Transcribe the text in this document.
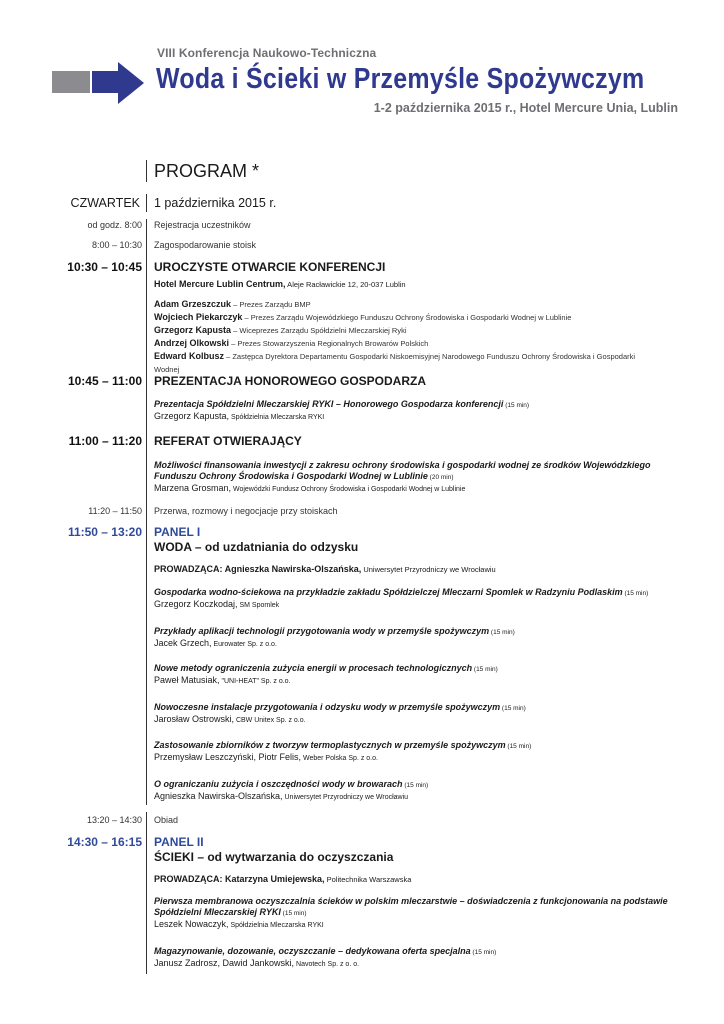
VIII Konferencja Naukowo-Techniczna
Woda i Ścieki w Przemyśle Spożywczym
1-2 października 2015 r., Hotel Mercure Unia, Lublin
PROGRAM *
CZWARTEK 1 października 2015 r.
od godz. 8:00 Rejestracja uczestników
8:00 – 10:30 Zagospodarowanie stoisk
10:30 – 10:45 UROCZYSTE OTWARCIE KONFERENCJI
Hotel Mercure Lublin Centrum, Aleje Racławickie 12, 20-037 Lublin
Adam Grzeszczuk – Prezes Zarządu BMP
Wojciech Piekarczyk – Prezes Zarządu Wojewódzkiego Funduszu Ochrony Środowiska i Gospodarki Wodnej w Lublinie
Grzegorz Kapusta – Wiceprezes Zarządu Spółdzielni Mleczarskiej Ryki
Andrzej Olkowski – Prezes Stowarzyszenia Regionalnych Browarów Polskich
Edward Kolbusz – Zastępca Dyrektora Departamentu Gospodarki Niskoemisyjnej Narodowego Funduszu Ochrony Środowiska i Gospodarki Wodnej
10:45 – 11:00 PREZENTACJA HONOROWEGO GOSPODARZA
Prezentacja Spółdzielni Mleczarskiej RYKI – Honorowego Gospodarza konferencji (15 min)
Grzegorz Kapusta, Spółdzielnia Mleczarska RYKI
11:00 – 11:20 REFERAT OTWIERAJĄCY
Możliwości finansowania inwestycji z zakresu ochrony środowiska i gospodarki wodnej ze środków Wojewódzkiego Funduszu Ochrony Środowiska i Gospodarki Wodnej w Lublinie (20 min)
Marzena Grosman, Wojewódzki Fundusz Ochrony Środowiska i Gospodarki Wodnej w Lublinie
11:20 – 11:50 Przerwa, rozmowy i negocjacje przy stoiskach
11:50 – 13:20 PANEL I
WODA – od uzdatniania do odzysku
PROWADZĄCA: Agnieszka Nawirska-Olszańska, Uniwersytet Przyrodniczy we Wrocławiu
Gospodarka wodno-ściekowa na przykładzie zakładu Spółdzielczej Mleczarni Spomlek w Radzyniu Podlaskim (15 min)
Grzegorz Koczkodaj, SM Spomlek
Przykłady aplikacji technologii przygotowania wody w przemyśle spożywczym (15 min)
Jacek Grzech, Eurowater Sp. z o.o.
Nowe metody ograniczenia zużycia energii w procesach technologicznych (15 min)
Paweł Matusiak, "UNI-HEAT" Sp. z o.o.
Nowoczesne instalacje przygotowania i odzysku wody w przemyśle spożywczym (15 min)
Jarosław Ostrowski, CBW Unitex Sp. z o.o.
Zastosowanie zbiorników z tworzyw termoplastycznych w przemyśle spożywczym (15 min)
Przemysław Leszczyński, Piotr Felis, Weber Polska Sp. z o.o.
O ograniczaniu zużycia i oszczędności wody w browarach (15 min)
Agnieszka Nawirska-Olszańska, Uniwersytet Przyrodniczy we Wrocławiu
13:20 – 14:30 Obiad
14:30 – 16:15 PANEL II
ŚCIEKI – od wytwarzania do oczyszczania
PROWADZĄCA: Katarzyna Umiejewska, Politechnika Warszawska
Pierwsza membranowa oczyszczalnia ścieków w polskim mleczarstwie – doświadczenia z funkcjonowania na podstawie Spółdzielni Mleczarskiej RYKI (15 min)
Leszek Nowaczyk, Spółdzielnia Mleczarska RYKI
Magazynowanie, dozowanie, oczyszczanie – dedykowana oferta specjalna (15 min)
Janusz Zadrosz, Dawid Jankowski, Navotech Sp. z o. o.
